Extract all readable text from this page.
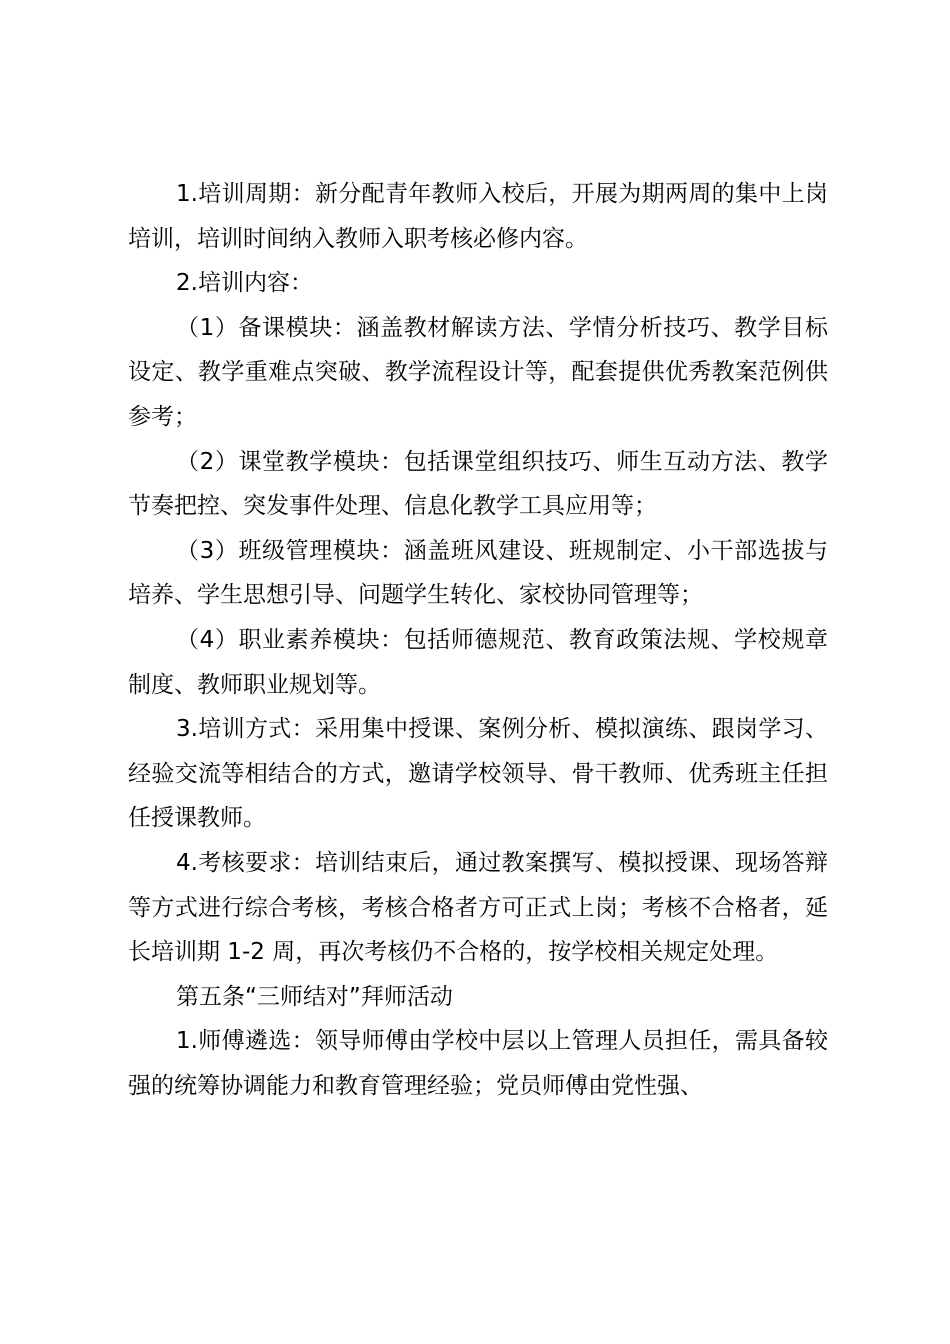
1.培训周期：新分配青年教师入校后，开展为期两周的集中上岗培训，培训时间纳入教师入职考核必修内容。

2.培训内容：

（1）备课模块：涵盖教材解读方法、学情分析技巧、教学目标设定、教学重难点突破、教学流程设计等，配套提供优秀教案范例供参考；

（2）课堂教学模块：包括课堂组织技巧、师生互动方法、教学节奏把控、突发事件处理、信息化教学工具应用等；

（3）班级管理模块：涵盖班风建设、班规制定、小干部选拔与培养、学生思想引导、问题学生转化、家校协同管理等；

（4）职业素养模块：包括师德规范、教育政策法规、学校规章制度、教师职业规划等。

3.培训方式：采用集中授课、案例分析、模拟演练、跟岗学习、经验交流等相结合的方式，邀请学校领导、骨干教师、优秀班主任担任授课教师。

4.考核要求：培训结束后，通过教案撰写、模拟授课、现场答辩等方式进行综合考核，考核合格者方可正式上岗；考核不合格者，延长培训期 1-2 周，再次考核仍不合格的，按学校相关规定处理。

第五条“三师结对”拜师活动

1.师傅遴选：领导师傅由学校中层以上管理人员担任，需具备较强的统筹协调能力和教育管理经验；党员师傅由党性强、
